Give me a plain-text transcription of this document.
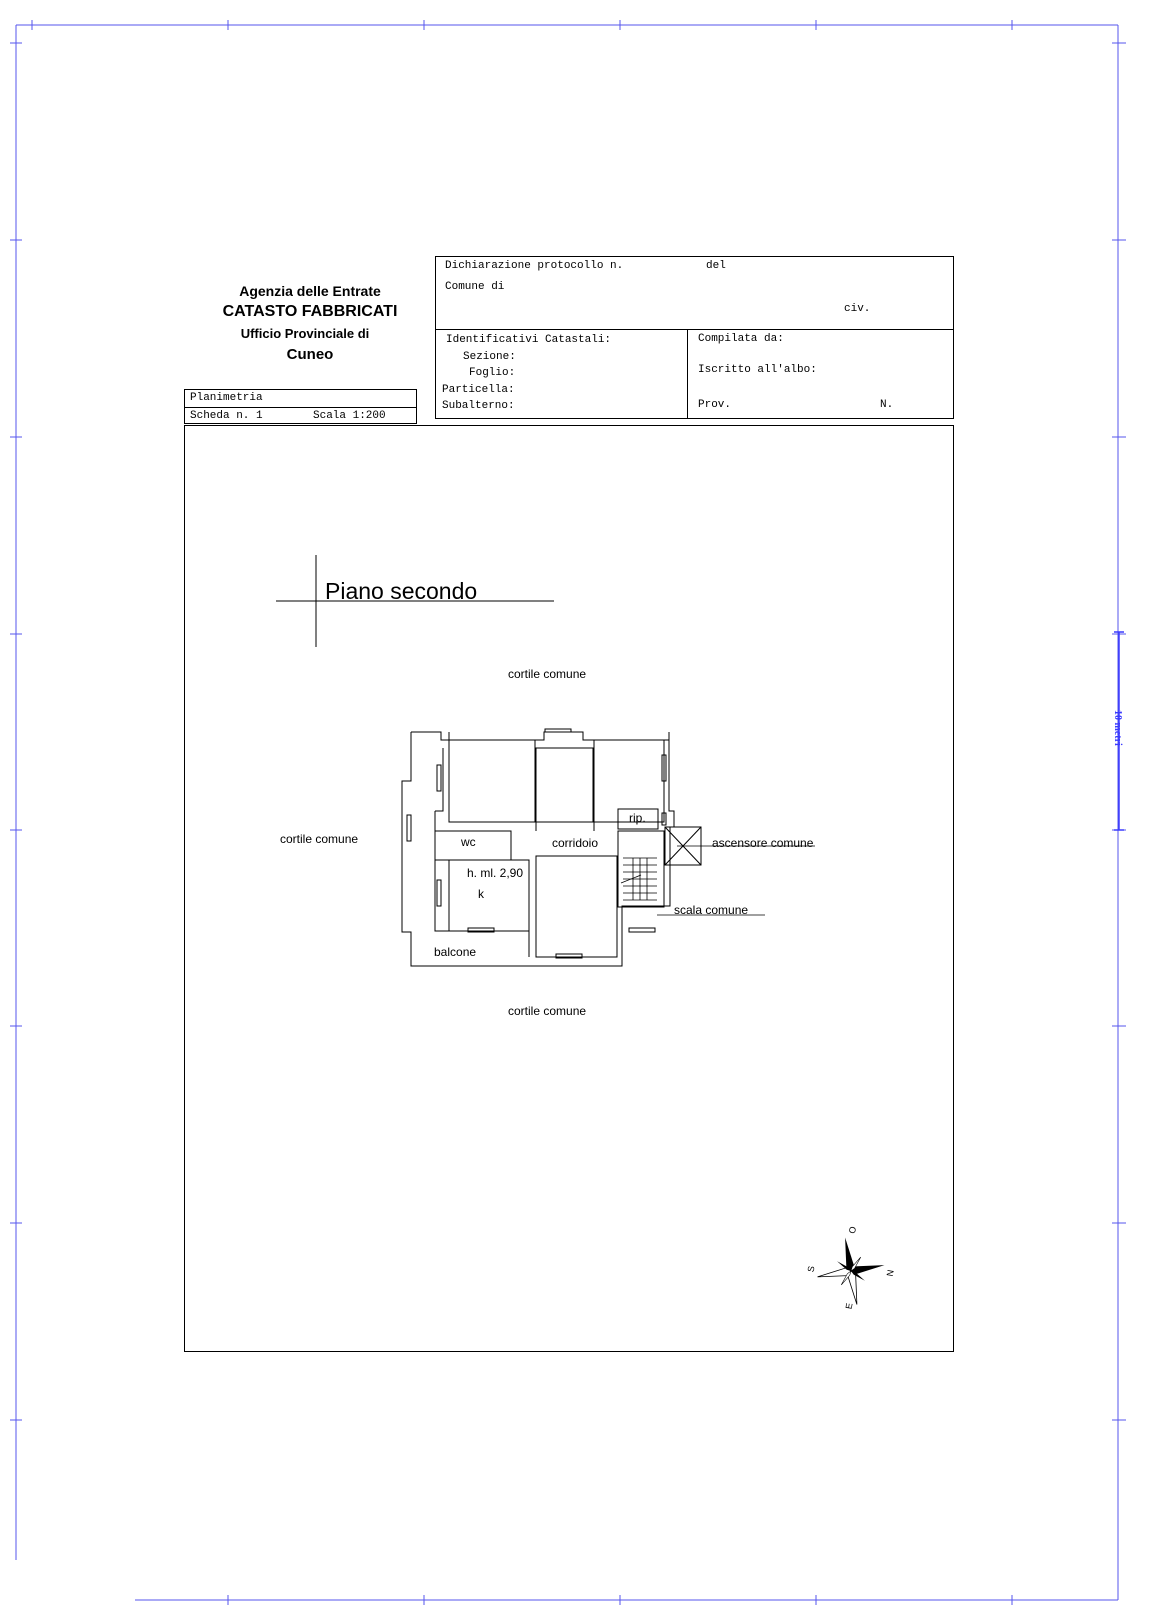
10 metri
Agenzia delle Entrate
CATASTO FABBRICATI
Ufficio Provinciale di
Cuneo
Planimetria
Scheda n. 1	Scala 1:200
Dichiarazione protocollo n.	del
Comune di
civ.
Identificativi Catastali:
Sezione:
Foglio:
Particella:
Subalterno:
Compilata da:
Iscritto all'albo:
Prov.	N.
Piano secondo
cortile comune
cortile comune
cortile comune
rip.
wc	corridoio	ascensore comune
h. ml. 2,90
k
scala comune
balcone
O
S	N
E
